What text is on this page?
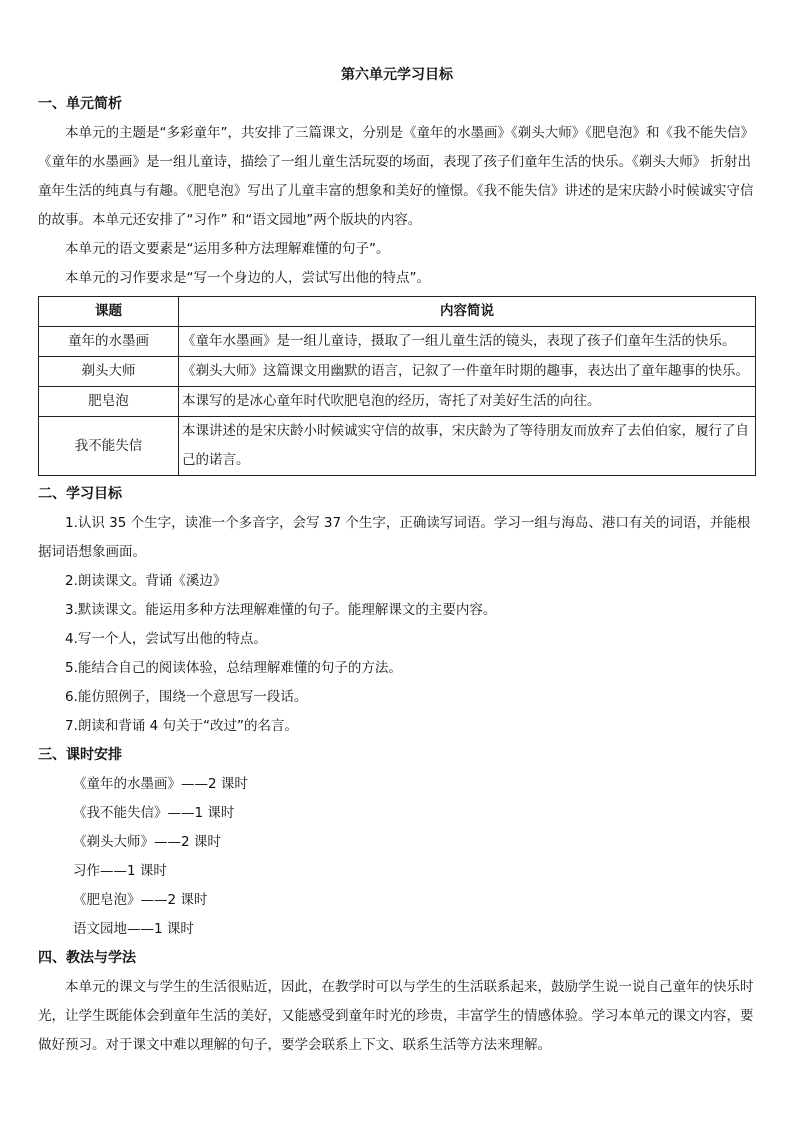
第六单元学习目标
一、单元简析

本单元的主题是“多彩童年”，共安排了三篇课文，分别是《童年的水墨画》《剃头大师》《肥皂泡》和《我不能失信》《童年的水墨画》是一组儿童诗，描绘了一组儿童生活玩耍的场面，表现了孩子们童年生活的快乐。《剃头大师》 折射出童年生活的纯真与有趣。《肥皂泡》写出了儿童丰富的想象和美好的憧憬。《我不能失信》讲述的是宋庆龄小时候诚实守信的故事。本单元还安排了“习作” 和“语文园地”两个版块的内容。

本单元的语文要素是“运用多种方法理解难懂的句子”。

本单元的习作要求是“写一个身边的人，尝试写出他的特点”。

课题	内容简说
童年的水墨画	《童年水墨画》是一组儿童诗，摄取了一组儿童生活的镜头，表现了孩子们童年生活的快乐。
剃头大师	《剃头大师》这篇课文用幽默的语言，记叙了一件童年时期的趣事，表达出了童年趣事的快乐。
肥皂泡	本课写的是冰心童年时代吹肥皂泡的经历，寄托了对美好生活的向往。
我不能失信	本课讲述的是宋庆龄小时候诚实守信的故事，宋庆龄为了等待朋友而放弃了去伯伯家，履行了自己的诺言。
二、学习目标

1.认识 35 个生字，读准一个多音字，会写 37 个生字，正确读写词语。学习一组与海岛、港口有关的词语，并能根据词语想象画面。

2.朗读课文。背诵《溪边》

3.默读课文。能运用多种方法理解难懂的句子。能理解课文的主要内容。

4.写一个人，尝试写出他的特点。

5.能结合自己的阅读体验，总结理解难懂的句子的方法。

6.能仿照例子，围绕一个意思写一段话。

7.朗读和背诵 4 句关于“改过”的名言。

三、课时安排
《童年的水墨画》——2 课时
《我不能失信》——1 课时
《剃头大师》——2 课时
习作——1 课时
《肥皂泡》——2 课时
语文园地——1 课时
四、教法与学法

本单元的课文与学生的生活很贴近，因此，在教学时可以与学生的生活联系起来，鼓励学生说一说自己童年的快乐时光，让学生既能体会到童年生活的美好，又能感受到童年时光的珍贵，丰富学生的情感体验。学习本单元的课文内容，要做好预习。对于课文中难以理解的句子，要学会联系上下文、联系生活等方法来理解。
